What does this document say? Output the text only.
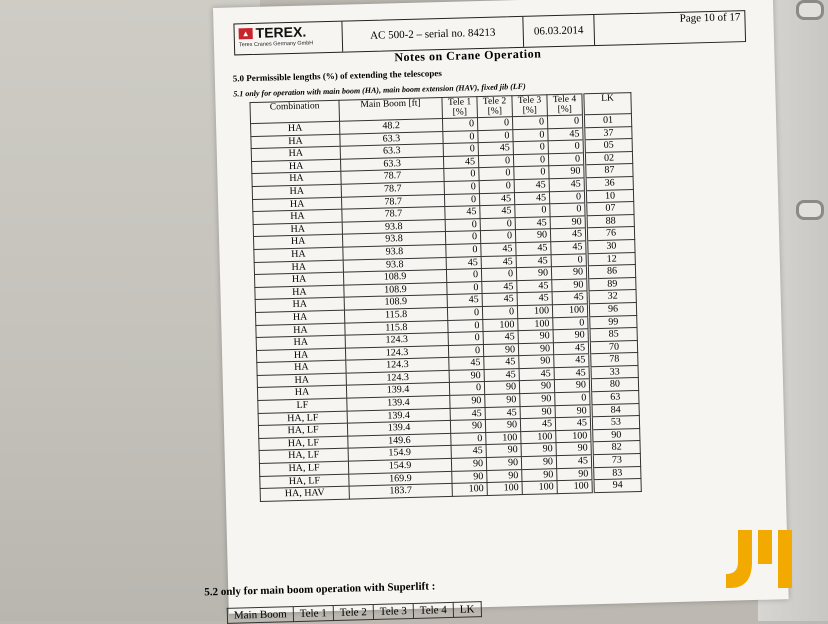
▲ TEREX.
Terex Cranes Germany GmbH
AC 500-2 – serial no. 84213	06.03.2014
Page 10 of 17
Notes on Crane Operation
5.0 Permissible lengths (%) of extending the telescopes
5.1 only for operation with main boom (HA), main boom extension (HAV), fixed jib (LF)
Combination	Main Boom [ft]	Tele 1 [%]	Tele 2 [%]	Tele 3 [%]	Tele 4 [%]	LK
HA	48.2	0	0	0	0	01
HA	63.3	0	0	0	45	37
HA	63.3	0	45	0	0	05
HA	63.3	45	0	0	0	02
HA	78.7	0	0	0	90	87
HA	78.7	0	0	45	45	36
HA	78.7	0	45	45	0	10
HA	78.7	45	45	0	0	07
HA	93.8	0	0	45	90	88
HA	93.8	0	0	90	45	76
HA	93.8	0	45	45	45	30
HA	93.8	45	45	45	0	12
HA	108.9	0	0	90	90	86
HA	108.9	0	45	45	90	89
HA	108.9	45	45	45	45	32
HA	115.8	0	0	100	100	96
HA	115.8	0	100	100	0	99
HA	124.3	0	45	90	90	85
HA	124.3	0	90	90	45	70
HA	124.3	45	45	90	45	78
HA	124.3	90	45	45	45	33
HA	139.4	0	90	90	90	80
LF	139.4	90	90	90	0	63
HA, LF	139.4	45	45	90	90	84
HA, LF	139.4	90	90	45	45	53
HA, LF	149.6	0	100	100	100	90
HA, LF	154.9	45	90	90	90	82
HA, LF	154.9	90	90	90	45	73
HA, LF	169.9	90	90	90	90	83
HA, HAV	183.7	100	100	100	100	94
5.2 only for main boom operation with Superlift :
Main Boom	Tele 1	Tele 2	Tele 3	Tele 4	LK
